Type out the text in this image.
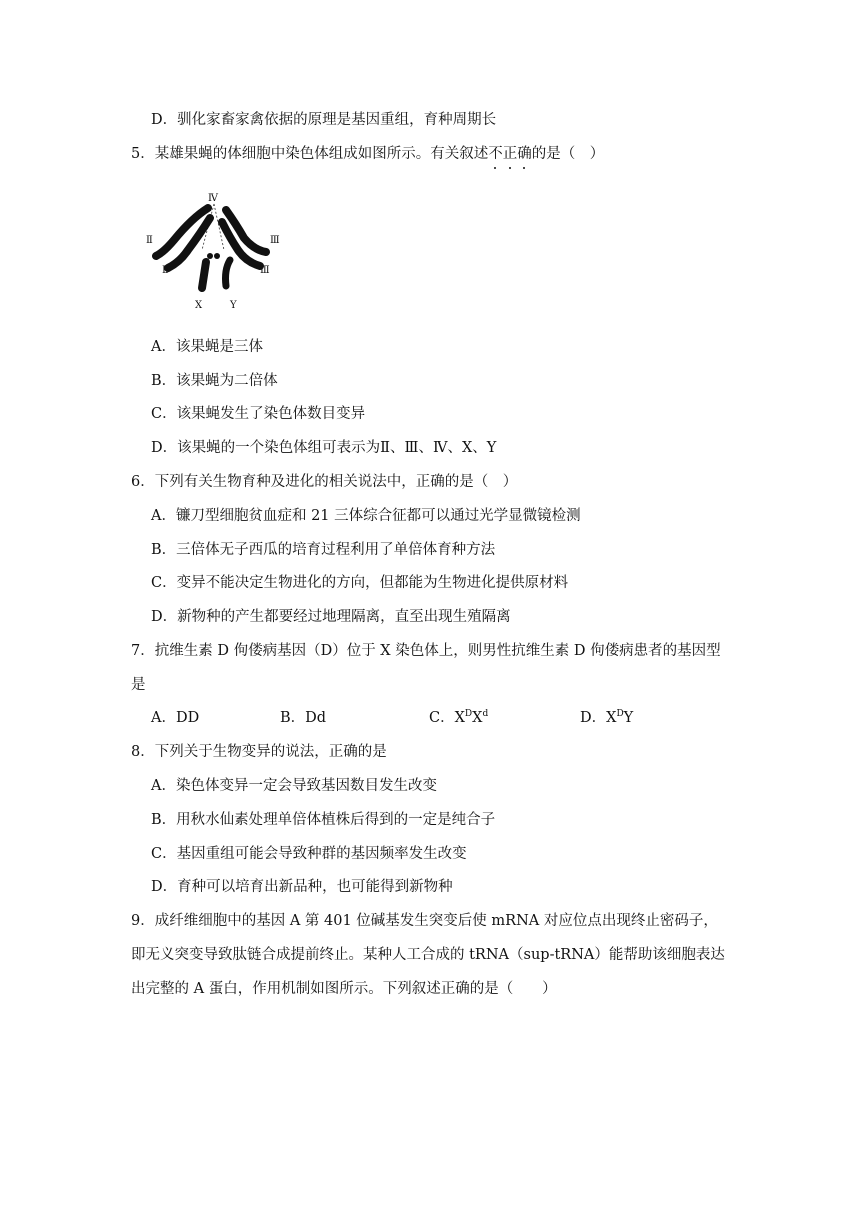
D．驯化家畜家禽依据的原理是基因重组，育种周期长
5．某雄果蝇的体细胞中染色体组成如图所示。有关叙述不正确的是（　）
Ⅳ
Ⅱ
Ⅱ
Ⅲ
Ⅲ
X	Y
A．该果蝇是三体
B．该果蝇为二倍体
C．该果蝇发生了染色体数目变异
D．该果蝇的一个染色体组可表示为Ⅱ、Ⅲ、Ⅳ、X、Y
6．下列有关生物育种及进化的相关说法中，正确的是（　）
A．镰刀型细胞贫血症和 21 三体综合征都可以通过光学显微镜检测
B．三倍体无子西瓜的培育过程利用了单倍体育种方法
C．变异不能决定生物进化的方向，但都能为生物进化提供原材料
D．新物种的产生都要经过地理隔离，直至出现生殖隔离
7．抗维生素 D 佝偻病基因（D）位于 X 染色体上，则男性抗维生素 D 佝偻病患者的基因型
是
A．DD	B．Dd	C．$X^DX^d$	D．$X^DY$
8．下列关于生物变异的说法，正确的是
A．染色体变异一定会导致基因数目发生改变
B．用秋水仙素处理单倍体植株后得到的一定是纯合子
C．基因重组可能会导致种群的基因频率发生改变
D．育种可以培育出新品种，也可能得到新物种
9．成纤维细胞中的基因 A 第 401 位碱基发生突变后使 mRNA 对应位点出现终止密码子，
即无义突变导致肽链合成提前终止。某种人工合成的 tRNA（sup-tRNA）能帮助该细胞表达
出完整的 A 蛋白，作用机制如图所示。下列叙述正确的是（　　）
